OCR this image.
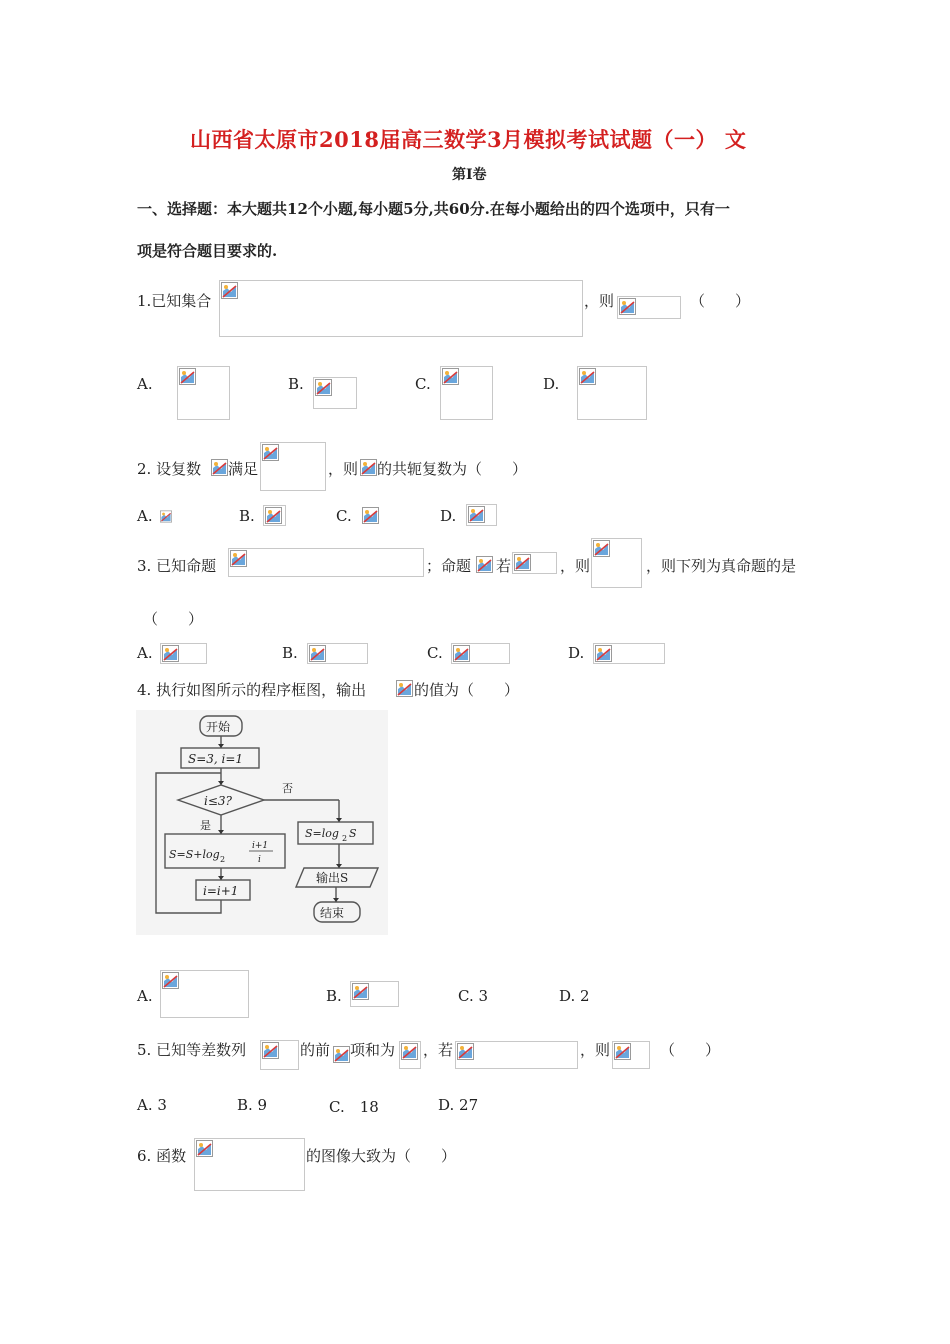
山西省太原市2018届高三数学3月模拟考试试题（一） 文
第I卷
一、选择题：本大题共12个小题,每小题5分,共60分.在每小题给出的四个选项中，只有一
项是符合题目要求的.
1.已知集合	，则	（　　）
A.	B.	C.	D.
2. 设复数 满足	，则 的共轭复数为（　　）
A.	B.	C.	D.
3. 已知命题	；命题 若	，则	，则下列为真命题的是
（　　）
A.	B.	C.	D.
4. 执行如图所示的程序框图，输出	的值为（　　）
开始
S=3, i=1
i≤3?
否
是
S=S+log 2
i+1
i
i=i+1
S=log 2 S
输出S
结束
A.	B.	C. 3	D. 2
5. 已知等差数列	的前 项和为 ，若	，则	（　　）
A. 3	B. 9	C.　18	D. 27
6. 函数	的图像大致为（　　）
